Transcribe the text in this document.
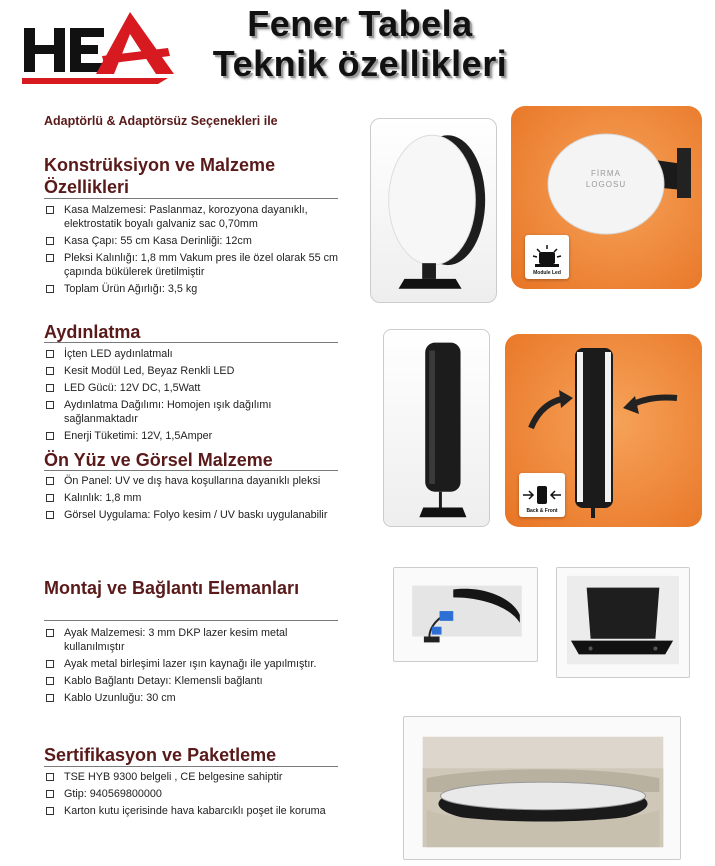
Fener Tabela
Teknik özellikleri
Adaptörlü & Adaptörsüz Seçenekleri ile
Konstrüksiyon ve Malzeme
Özellikleri
Kasa Malzemesi: Paslanmaz, korozyona dayanıklı, elektrostatik boyalı galvaniz sac 0,70mm
Kasa Çapı: 55 cm Kasa Derinliği: 12cm
Pleksi Kalınlığı: 1,8 mm Vakum pres ile özel olarak 55 cm çapında bükülerek üretilmiştir
Toplam Ürün Ağırlığı: 3,5 kg
Aydınlatma
İçten LED aydınlatmalı
Kesit Modül Led, Beyaz Renkli LED
LED Gücü: 12V DC, 1,5Watt
Aydınlatma Dağılımı: Homojen ışık dağılımı sağlanmaktadır
Enerji Tüketimi: 12V, 1,5Amper
Ön Yüz ve Görsel Malzeme
Ön Panel: UV ve dış hava koşullarına dayanıklı pleksi
Kalınlık: 1,8 mm
Görsel Uygulama: Folyo kesim / UV baskı uygulanabilir
Montaj ve Bağlantı Elemanları
Ayak Malzemesi: 3 mm DKP lazer kesim metal kullanılmıştır
Ayak metal birleşimi lazer ışın kaynağı ile yapılmıştır.
Kablo Bağlantı Detayı: Klemensli bağlantı
Kablo Uzunluğu: 30 cm
Sertifikasyon ve Paketleme
TSE HYB 9300 belgeli , CE belgesine sahiptir
Gtip: 940569800000
Karton kutu içerisinde hava kabarcıklı poşet ile koruma
FİRMA
LOGOSU
Module Led
Back & Front
